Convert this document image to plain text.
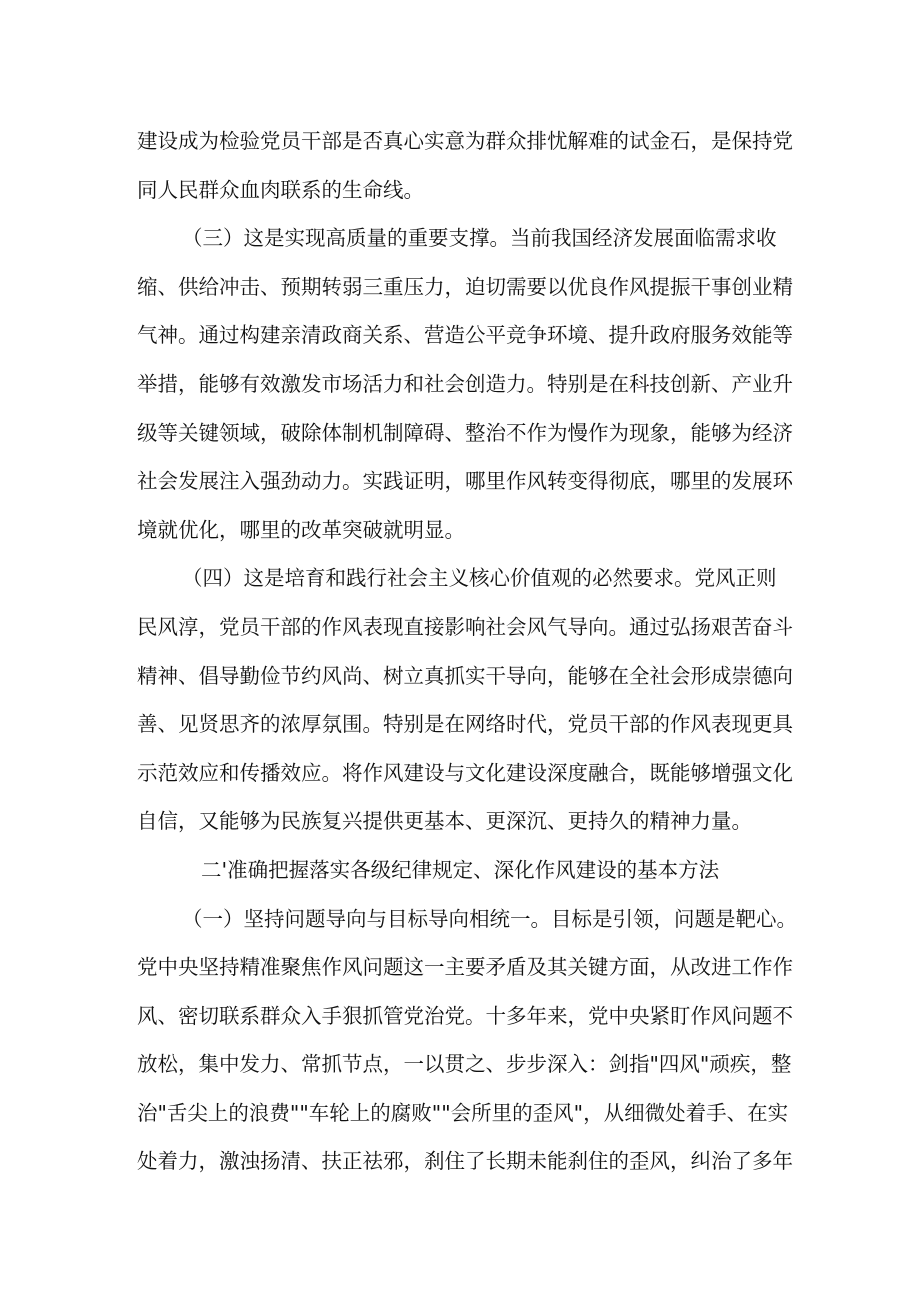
建设成为检验党员干部是否真心实意为群众排忧解难的试金石，是保持党
同人民群众血肉联系的生命线。
（三）这是实现高质量的重要支撑。当前我国经济发展面临需求收
缩、供给冲击、预期转弱三重压力，迫切需要以优良作风提振干事创业精
气神。通过构建亲清政商关系、营造公平竞争环境、提升政府服务效能等
举措，能够有效激发市场活力和社会创造力。特别是在科技创新、产业升
级等关键领域，破除体制机制障碍、整治不作为慢作为现象，能够为经济
社会发展注入强劲动力。实践证明，哪里作风转变得彻底，哪里的发展环
境就优化，哪里的改革突破就明显。
（四）这是培育和践行社会主义核心价值观的必然要求。党风正则
民风淳，党员干部的作风表现直接影响社会风气导向。通过弘扬艰苦奋斗
精神、倡导勤俭节约风尚、树立真抓实干导向，能够在全社会形成崇德向
善、见贤思齐的浓厚氛围。特别是在网络时代，党员干部的作风表现更具
示范效应和传播效应。将作风建设与文化建设深度融合，既能够增强文化
自信，又能够为民族复兴提供更基本、更深沉、更持久的精神力量。
二'准确把握落实各级纪律规定、深化作风建设的基本方法
（一）坚持问题导向与目标导向相统一。目标是引领，问题是靶心。
党中央坚持精准聚焦作风问题这一主要矛盾及其关键方面，从改进工作作
风、密切联系群众入手狠抓管党治党。十多年来，党中央紧盯作风问题不
放松，集中发力、常抓节点，一以贯之、步步深入：剑指"四风"顽疾，整
治"舌尖上的浪费""车轮上的腐败""会所里的歪风"，从细微处着手、在实
处着力，激浊扬清、扶正祛邪，刹住了长期未能刹住的歪风，纠治了多年
